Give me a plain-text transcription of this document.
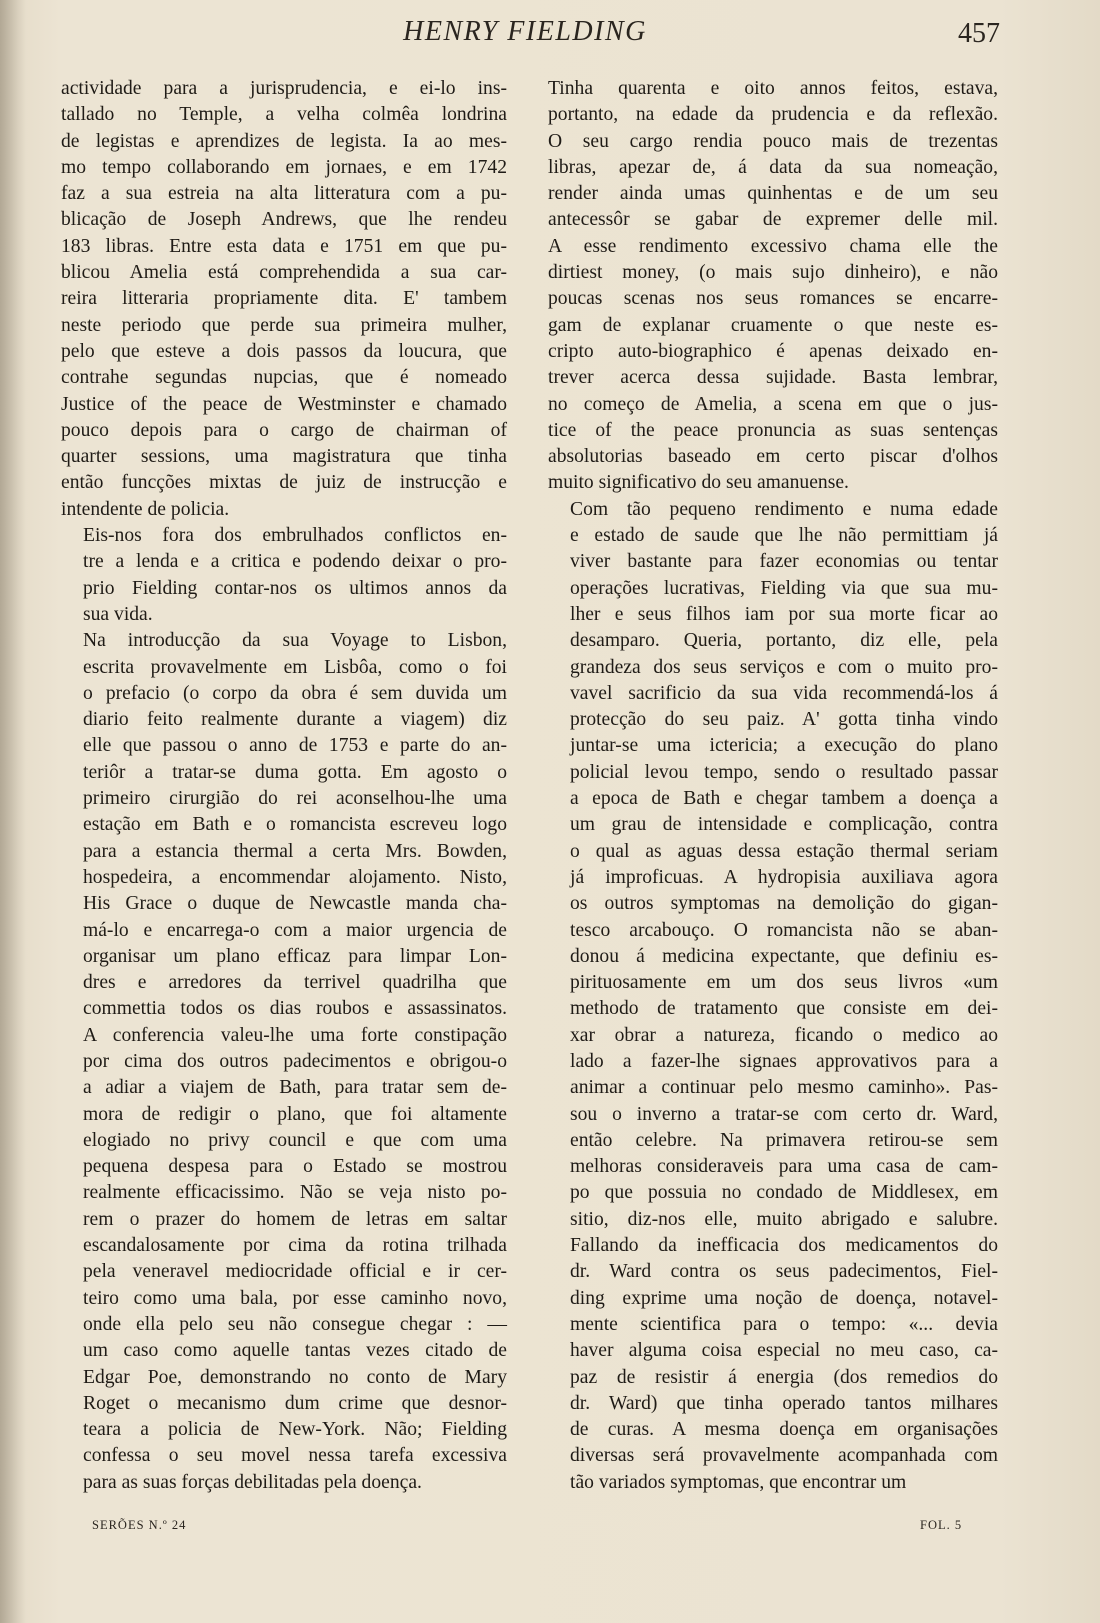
HENRY FIELDING	457

actividade para a jurisprudencia, e ei-lo ins-
tallado no Temple, a velha colmêa londrina
de legistas e aprendizes de legista. Ia ao mes-
mo tempo collaborando em jornaes, e em 1742
faz a sua estreia na alta litteratura com a pu-
blicação de Joseph Andrews, que lhe rendeu
183 libras. Entre esta data e 1751 em que pu-
blicou Amelia está comprehendida a sua car-
reira litteraria propriamente dita. E' tambem
neste periodo que perde sua primeira mulher,
pelo que esteve a dois passos da loucura, que
contrahe segundas nupcias, que é nomeado
Justice of the peace de Westminster e chamado
pouco depois para o cargo de chairman of
quarter sessions, uma magistratura que tinha
então funcções mixtas de juiz de instrucção e
intendente de policia.

Eis-nos fora dos embrulhados conflictos en-
tre a lenda e a critica e podendo deixar o pro-
prio Fielding contar-nos os ultimos annos da
sua vida.

Na introducção da sua Voyage to Lisbon,
escrita provavelmente em Lisbôa, como o foi
o prefacio (o corpo da obra é sem duvida um
diario feito realmente durante a viagem) diz
elle que passou o anno de 1753 e parte do an-
teriôr a tratar-se duma gotta. Em agosto o
primeiro cirurgião do rei aconselhou-lhe uma
estação em Bath e o romancista escreveu logo
para a estancia thermal a certa Mrs. Bowden,
hospedeira, a encommendar alojamento. Nisto,
His Grace o duque de Newcastle manda cha-
má-lo e encarrega-o com a maior urgencia de
organisar um plano efficaz para limpar Lon-
dres e arredores da terrivel quadrilha que
commettia todos os dias roubos e assassinatos.
A conferencia valeu-lhe uma forte constipação
por cima dos outros padecimentos e obrigou-o
a adiar a viajem de Bath, para tratar sem de-
mora de redigir o plano, que foi altamente
elogiado no privy council e que com uma
pequena despesa para o Estado se mostrou
realmente efficacissimo. Não se veja nisto po-
rem o prazer do homem de letras em saltar
escandalosamente por cima da rotina trilhada
pela veneravel mediocridade official e ir cer-
teiro como uma bala, por esse caminho novo,
onde ella pelo seu não consegue chegar : —
um caso como aquelle tantas vezes citado de
Edgar Poe, demonstrando no conto de Mary
Roget o mecanismo dum crime que desnor-
teara a policia de New-York. Não; Fielding
confessa o seu movel nessa tarefa excessiva
para as suas forças debilitadas pela doença.

Tinha quarenta e oito annos feitos, estava,
portanto, na edade da prudencia e da reflexão.
O seu cargo rendia pouco mais de trezentas
libras, apezar de, á data da sua nomeação,
render ainda umas quinhentas e de um seu
antecessôr se gabar de expremer delle mil.
A esse rendimento excessivo chama elle the
dirtiest money, (o mais sujo dinheiro), e não
poucas scenas nos seus romances se encarre-
gam de explanar cruamente o que neste es-
cripto auto-biographico é apenas deixado en-
trever acerca dessa sujidade. Basta lembrar,
no começo de Amelia, a scena em que o jus-
tice of the peace pronuncia as suas sentenças
absolutorias baseado em certo piscar d'olhos
muito significativo do seu amanuense.

Com tão pequeno rendimento e numa edade
e estado de saude que lhe não permittiam já
viver bastante para fazer economias ou tentar
operações lucrativas, Fielding via que sua mu-
lher e seus filhos iam por sua morte ficar ao
desamparo. Queria, portanto, diz elle, pela
grandeza dos seus serviços e com o muito pro-
vavel sacrificio da sua vida recommendá-los á
protecção do seu paiz. A' gotta tinha vindo
juntar-se uma ictericia; a execução do plano
policial levou tempo, sendo o resultado passar
a epoca de Bath e chegar tambem a doença a
um grau de intensidade e complicação, contra
o qual as aguas dessa estação thermal seriam
já improficuas. A hydropisia auxiliava agora
os outros symptomas na demolição do gigan-
tesco arcabouço. O romancista não se aban-
donou á medicina expectante, que definiu es-
pirituosamente em um dos seus livros «um
methodo de tratamento que consiste em dei-
xar obrar a natureza, ficando o medico ao
lado a fazer-lhe signaes approvativos para a
animar a continuar pelo mesmo caminho». Pas-
sou o inverno a tratar-se com certo dr. Ward,
então celebre. Na primavera retirou-se sem
melhoras consideraveis para uma casa de cam-
po que possuia no condado de Middlesex, em
sitio, diz-nos elle, muito abrigado e salubre.
Fallando da inefficacia dos medicamentos do
dr. Ward contra os seus padecimentos, Fiel-
ding exprime uma noção de doença, notavel-
mente scientifica para o tempo: «... devia
haver alguma coisa especial no meu caso, ca-
paz de resistir á energia (dos remedios do
dr. Ward) que tinha operado tantos milhares
de curas. A mesma doença em organisações
diversas será provavelmente acompanhada com
tão variados symptomas, que encontrar um

SERÕES N.º 24	FOL. 5
